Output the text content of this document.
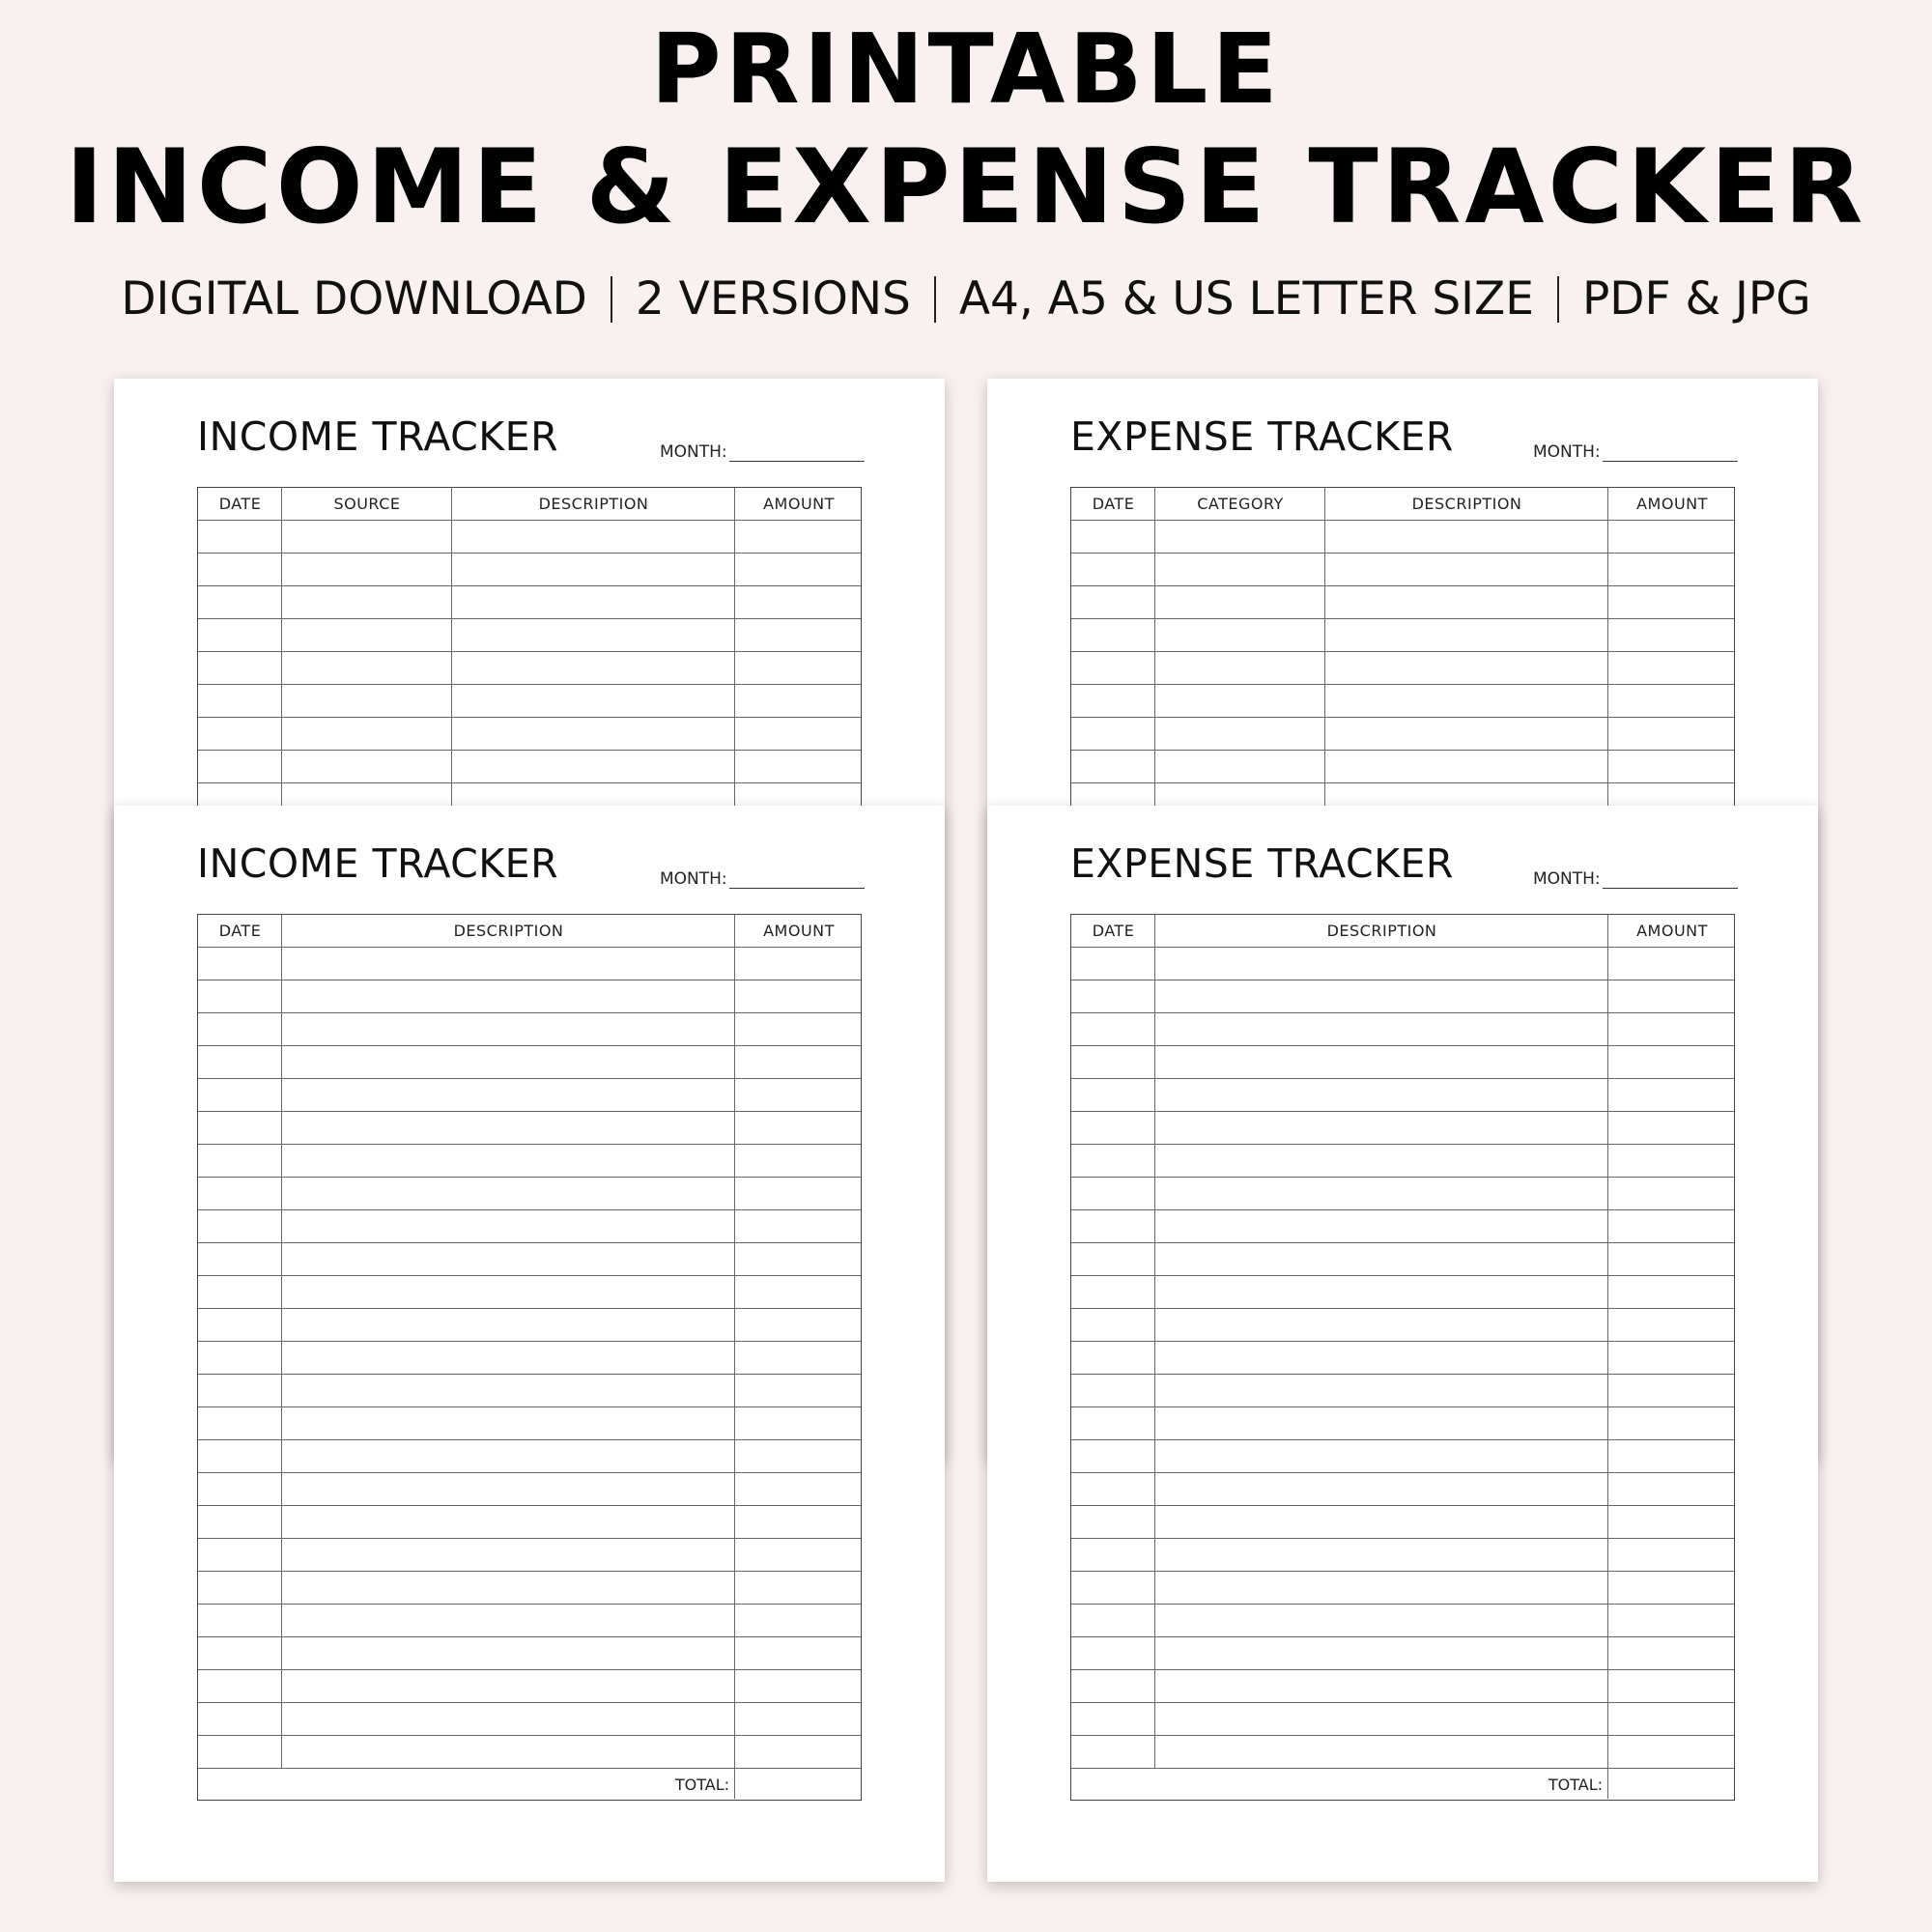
PRINTABLE
INCOME & EXPENSE TRACKER
DIGITAL DOWNLOAD 2 VERSIONS A4, A5 & US LETTER SIZE PDF & JPG
INCOME TRACKER	MONTH:
DATE	SOURCE	DESCRIPTION	AMOUNT
EXPENSE TRACKER	MONTH:
DATE	CATEGORY	DESCRIPTION	AMOUNT
INCOME TRACKER	MONTH:
DATE	DESCRIPTION	AMOUNT
TOTAL:
EXPENSE TRACKER	MONTH:
DATE	DESCRIPTION	AMOUNT
TOTAL:
